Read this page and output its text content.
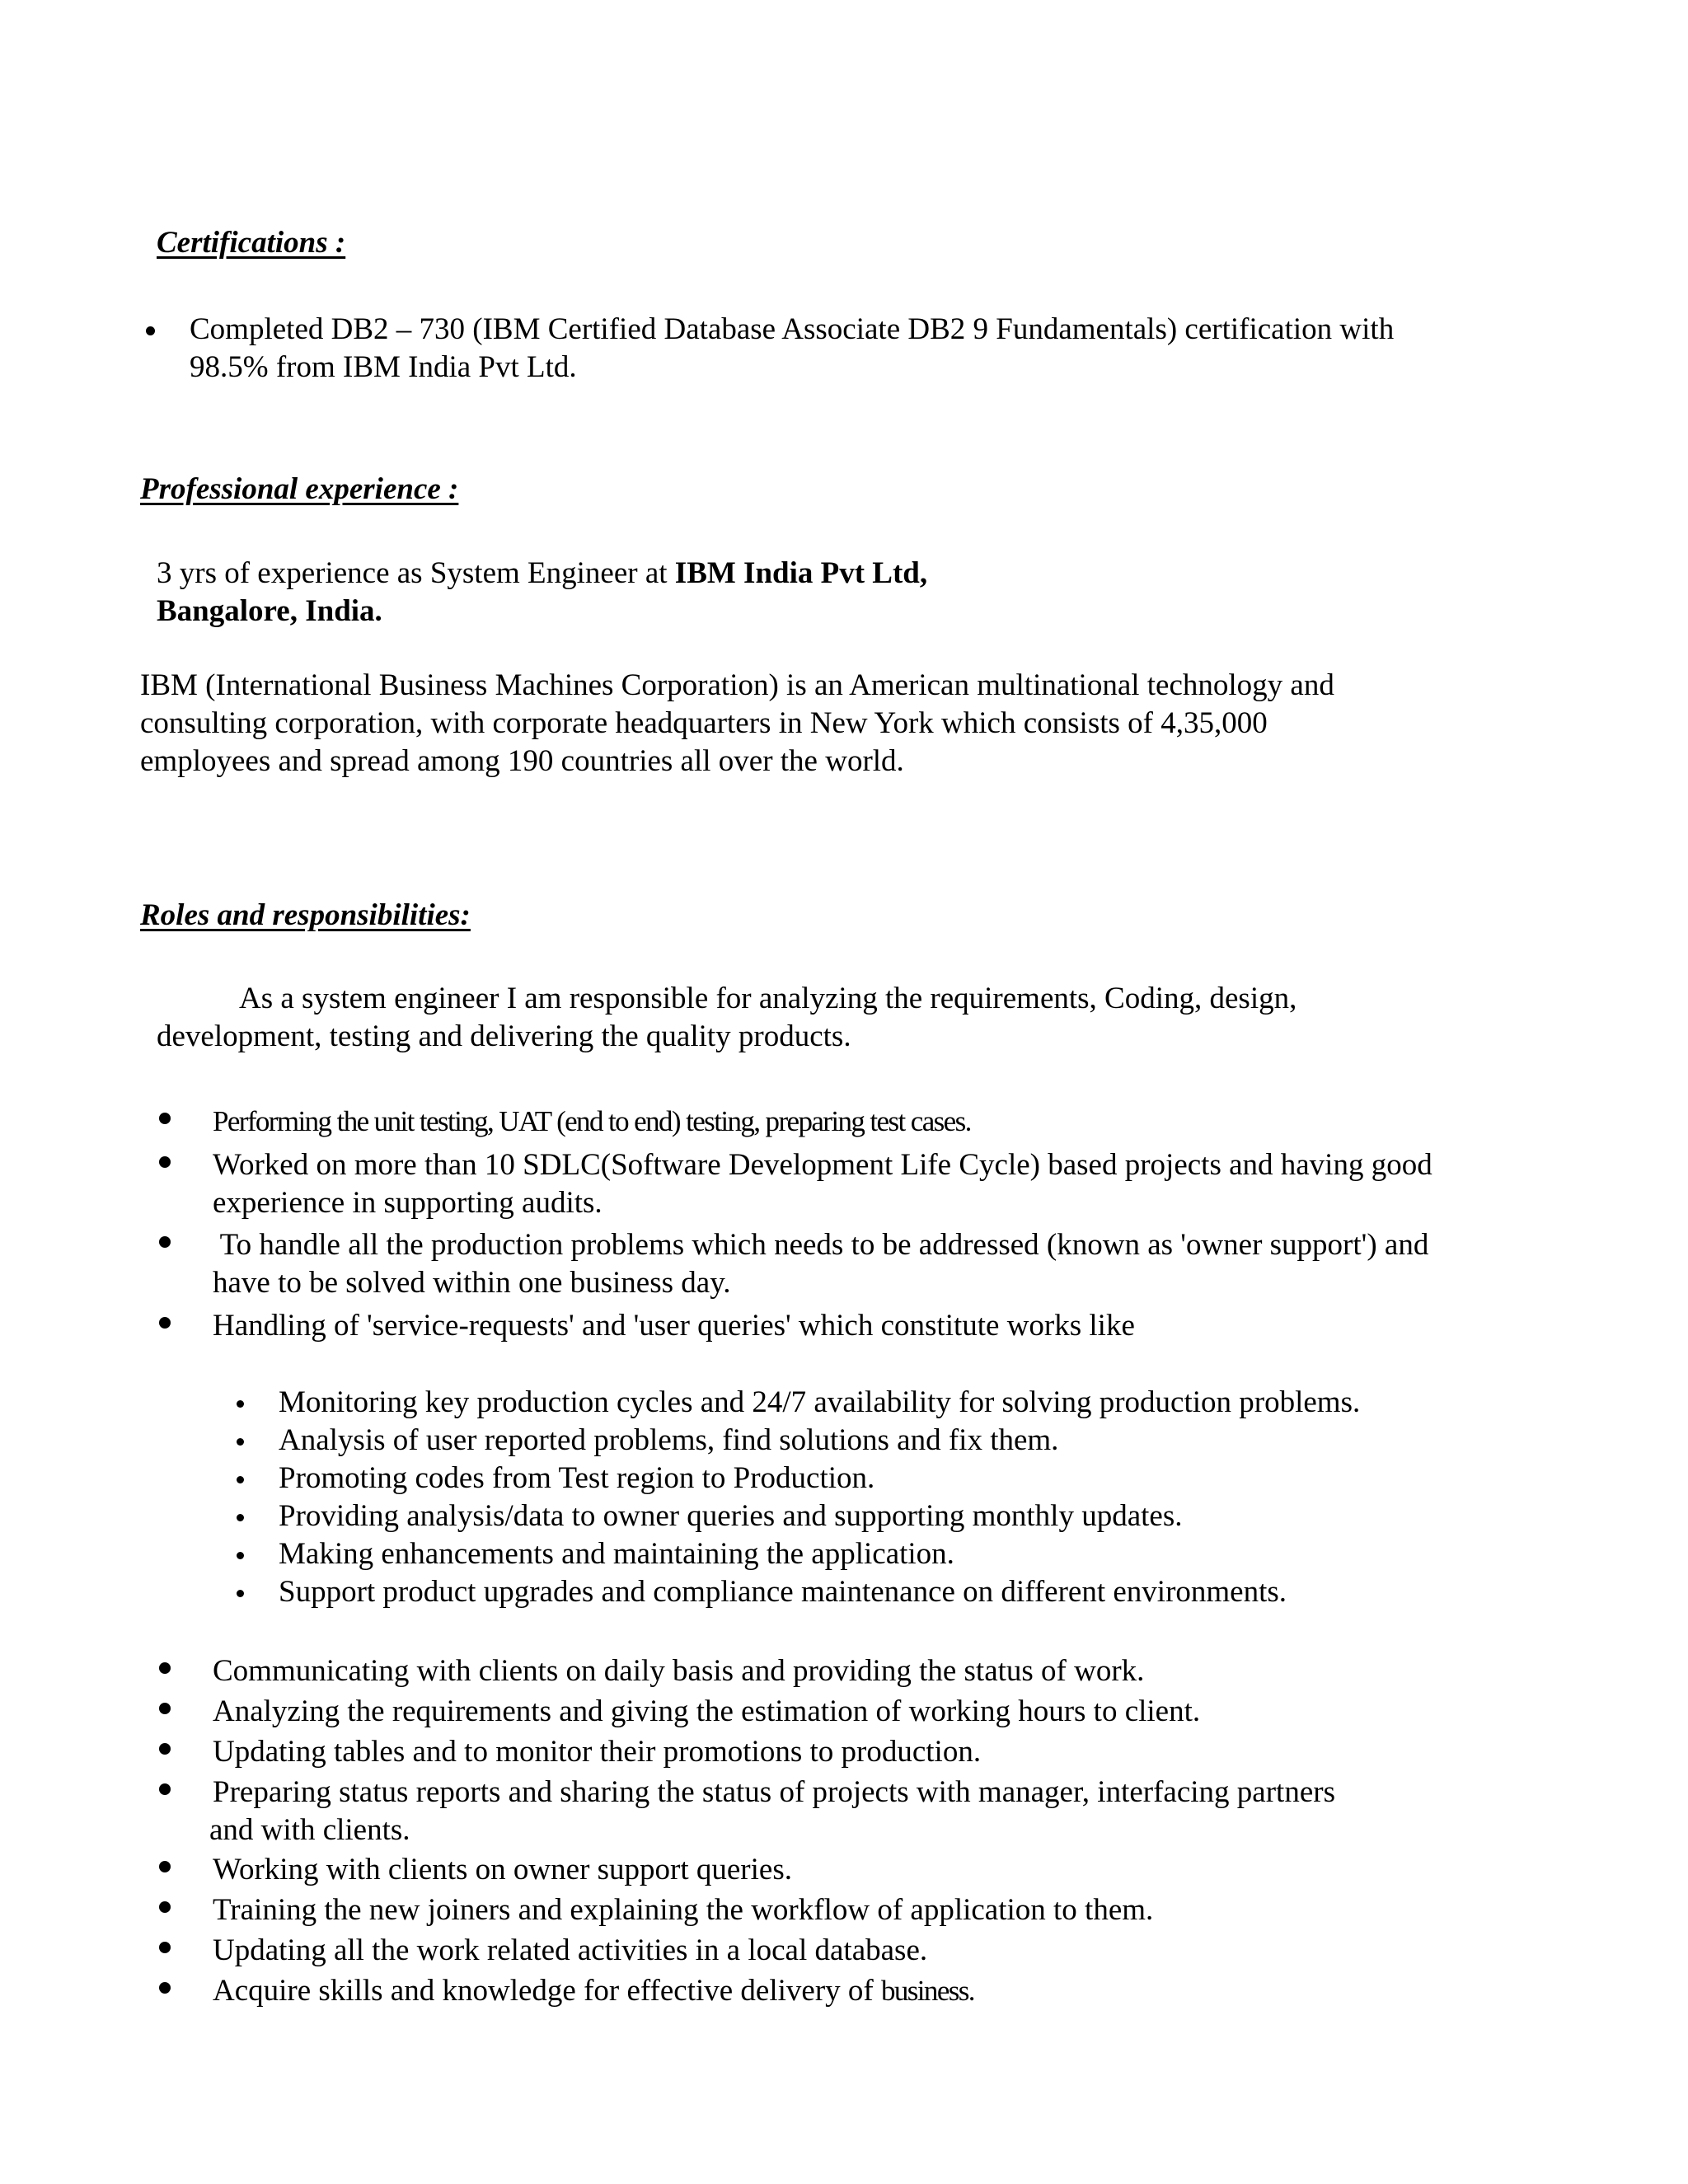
Certifications :
Completed DB2 – 730 (IBM Certified Database Associate DB2 9 Fundamentals) certification with
98.5% from IBM India Pvt Ltd.
Professional experience :
3 yrs of experience as System Engineer at IBM India Pvt Ltd,
Bangalore, India.
IBM (International Business Machines Corporation) is an American multinational technology and
consulting corporation, with corporate headquarters in New York which consists of 4,35,000
employees and spread among 190 countries all over the world.
Roles and responsibilities:
As a system engineer I am responsible for analyzing the requirements, Coding, design,
development, testing and delivering the quality products.
Performing the unit testing, UAT (end to end) testing, preparing test cases.
Worked on more than 10 SDLC(Software Development Life Cycle) based projects and having good
experience in supporting audits.
To handle all the production problems which needs to be addressed (known as 'owner support') and
have to be solved within one business day.
Handling of 'service-requests' and 'user queries' which constitute works like
Monitoring key production cycles and 24/7 availability for solving production problems.
Analysis of user reported problems, find solutions and fix them.
Promoting codes from Test region to Production.
Providing analysis/data to owner queries and supporting monthly updates.
Making enhancements and maintaining the application.
Support product upgrades and compliance maintenance on different environments.
Communicating with clients on daily basis and providing the status of work.
Analyzing the requirements and giving the estimation of working hours to client.
Updating tables and to monitor their promotions to production.
Preparing status reports and sharing the status of projects with manager, interfacing partners
and with clients.
Working with clients on owner support queries.
Training the new joiners and explaining the workflow of application to them.
Updating all the work related activities in a local database.
Acquire skills and knowledge for effective delivery of business.
